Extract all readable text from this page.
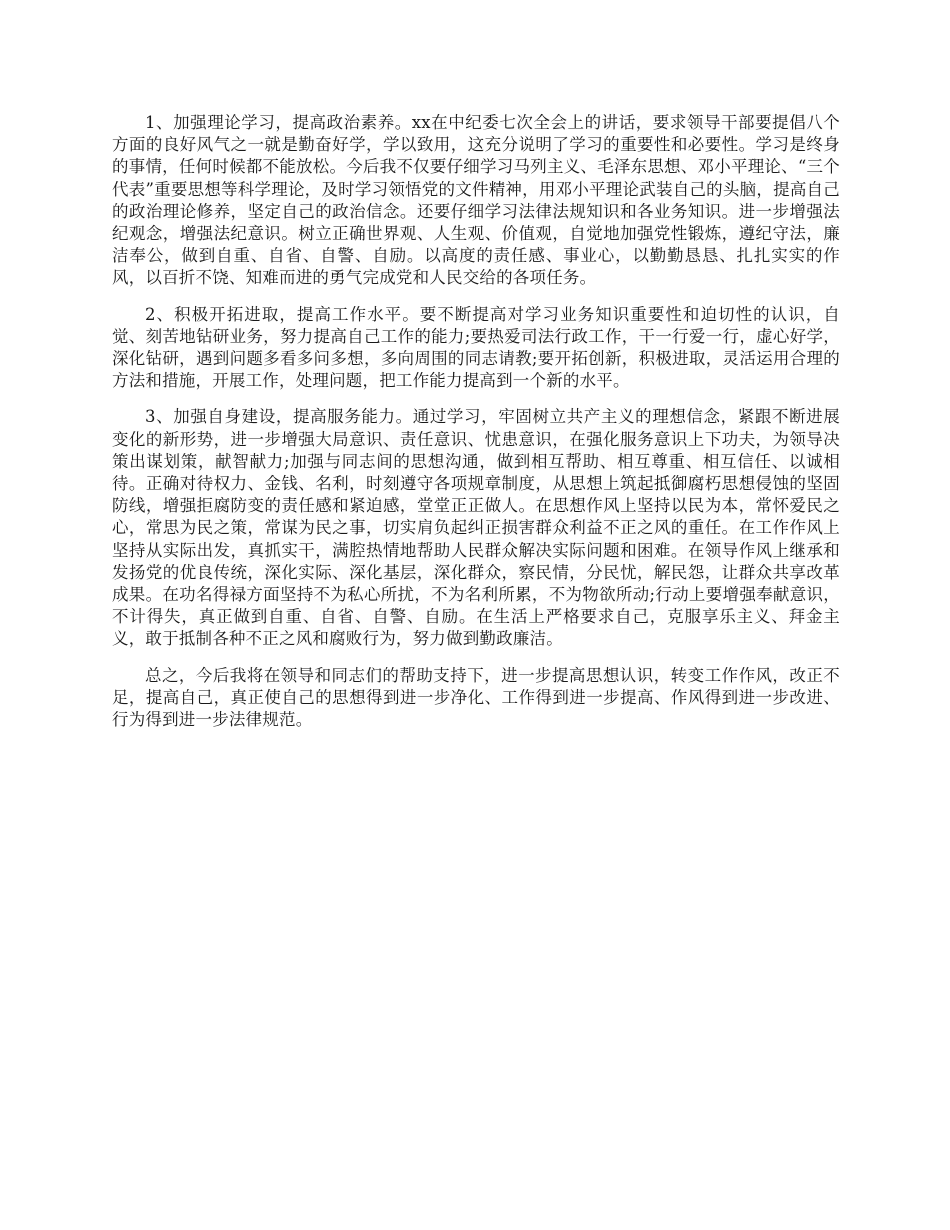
1、加强理论学习，提高政治素养。xx在中纪委七次全会上的讲话，要求领导干部要提倡八个方面的良好风气之一就是勤奋好学，学以致用，这充分说明了学习的重要性和必要性。学习是终身的事情，任何时候都不能放松。今后我不仅要仔细学习马列主义、毛泽东思想、邓小平理论、“三个代表”重要思想等科学理论，及时学习领悟党的文件精神，用邓小平理论武装自己的头脑，提高自己的政治理论修养，坚定自己的政治信念。还要仔细学习法律法规知识和各业务知识。进一步增强法纪观念，增强法纪意识。树立正确世界观、人生观、价值观，自觉地加强党性锻炼，遵纪守法，廉洁奉公，做到自重、自省、自警、自励。以高度的责任感、事业心，以勤勤恳恳、扎扎实实的作风，以百折不饶、知难而进的勇气完成党和人民交给的各项任务。

2、积极开拓进取，提高工作水平。要不断提高对学习业务知识重要性和迫切性的认识，自觉、刻苦地钻研业务，努力提高自己工作的能力;要热爱司法行政工作，干一行爱一行，虚心好学，深化钻研，遇到问题多看多问多想，多向周围的同志请教;要开拓创新，积极进取，灵活运用合理的方法和措施，开展工作，处理问题，把工作能力提高到一个新的水平。

3、加强自身建设，提高服务能力。通过学习，牢固树立共产主义的理想信念，紧跟不断进展变化的新形势，进一步增强大局意识、责任意识、忧患意识，在强化服务意识上下功夫，为领导决策出谋划策，献智献力;加强与同志间的思想沟通，做到相互帮助、相互尊重、相互信任、以诚相待。正确对待权力、金钱、名利，时刻遵守各项规章制度，从思想上筑起抵御腐朽思想侵蚀的坚固防线，增强拒腐防变的责任感和紧迫感，堂堂正正做人。在思想作风上坚持以民为本，常怀爱民之心，常思为民之策，常谋为民之事，切实肩负起纠正损害群众利益不正之风的重任。在工作作风上坚持从实际出发，真抓实干，满腔热情地帮助人民群众解决实际问题和困难。在领导作风上继承和发扬党的优良传统，深化实际、深化基层，深化群众，察民情，分民忧，解民怨，让群众共享改革成果。在功名得禄方面坚持不为私心所扰，不为名利所累，不为物欲所动;行动上要增强奉献意识，不计得失，真正做到自重、自省、自警、自励。在生活上严格要求自己，克服享乐主义、拜金主义，敢于抵制各种不正之风和腐败行为，努力做到勤政廉洁。

总之，今后我将在领导和同志们的帮助支持下，进一步提高思想认识，转变工作作风，改正不足，提高自己，真正使自己的思想得到进一步净化、工作得到进一步提高、作风得到进一步改进、行为得到进一步法律规范。
